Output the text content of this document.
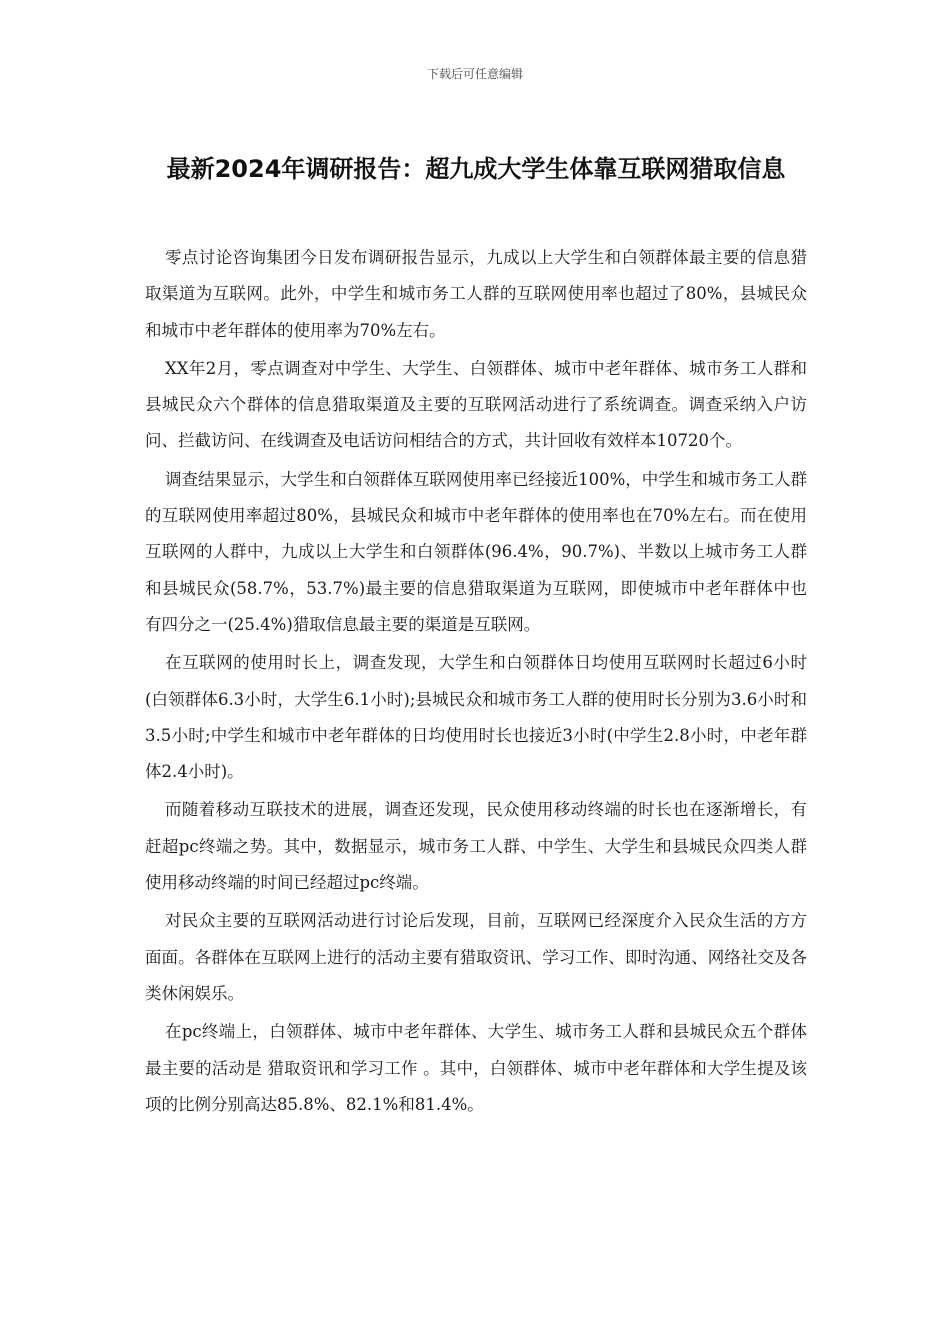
下载后可任意编辑
最新2024年调研报告：超九成大学生体靠互联网猎取信息

零点讨论咨询集团今日发布调研报告显示，九成以上大学生和白领群体最主要的信息猎取渠道为互联网。此外，中学生和城市务工人群的互联网使用率也超过了80%，县城民众和城市中老年群体的使用率为70%左右。

XX年2月，零点调查对中学生、大学生、白领群体、城市中老年群体、城市务工人群和县城民众六个群体的信息猎取渠道及主要的互联网活动进行了系统调查。调查采纳入户访问、拦截访问、在线调查及电话访问相结合的方式，共计回收有效样本10720个。

调查结果显示，大学生和白领群体互联网使用率已经接近100%，中学生和城市务工人群的互联网使用率超过80%，县城民众和城市中老年群体的使用率也在70%左右。而在使用互联网的人群中，九成以上大学生和白领群体(96.4%，90.7%)、半数以上城市务工人群和县城民众(58.7%，53.7%)最主要的信息猎取渠道为互联网，即使城市中老年群体中也有四分之一(25.4%)猎取信息最主要的渠道是互联网。

在互联网的使用时长上，调查发现，大学生和白领群体日均使用互联网时长超过6小时(白领群体6.3小时，大学生6.1小时);县城民众和城市务工人群的使用时长分别为3.6小时和3.5小时;中学生和城市中老年群体的日均使用时长也接近3小时(中学生2.8小时，中老年群体2.4小时)。

而随着移动互联技术的进展，调查还发现，民众使用移动终端的时长也在逐渐增长，有赶超pc终端之势。其中，数据显示，城市务工人群、中学生、大学生和县城民众四类人群使用移动终端的时间已经超过pc终端。

对民众主要的互联网活动进行讨论后发现，目前，互联网已经深度介入民众生活的方方面面。各群体在互联网上进行的活动主要有猎取资讯、学习工作、即时沟通、网络社交及各类休闲娱乐。

在pc终端上，白领群体、城市中老年群体、大学生、城市务工人群和县城民众五个群体最主要的活动是 猎取资讯和学习工作 。其中，白领群体、城市中老年群体和大学生提及该项的比例分别高达85.8%、82.1%和81.4%。
